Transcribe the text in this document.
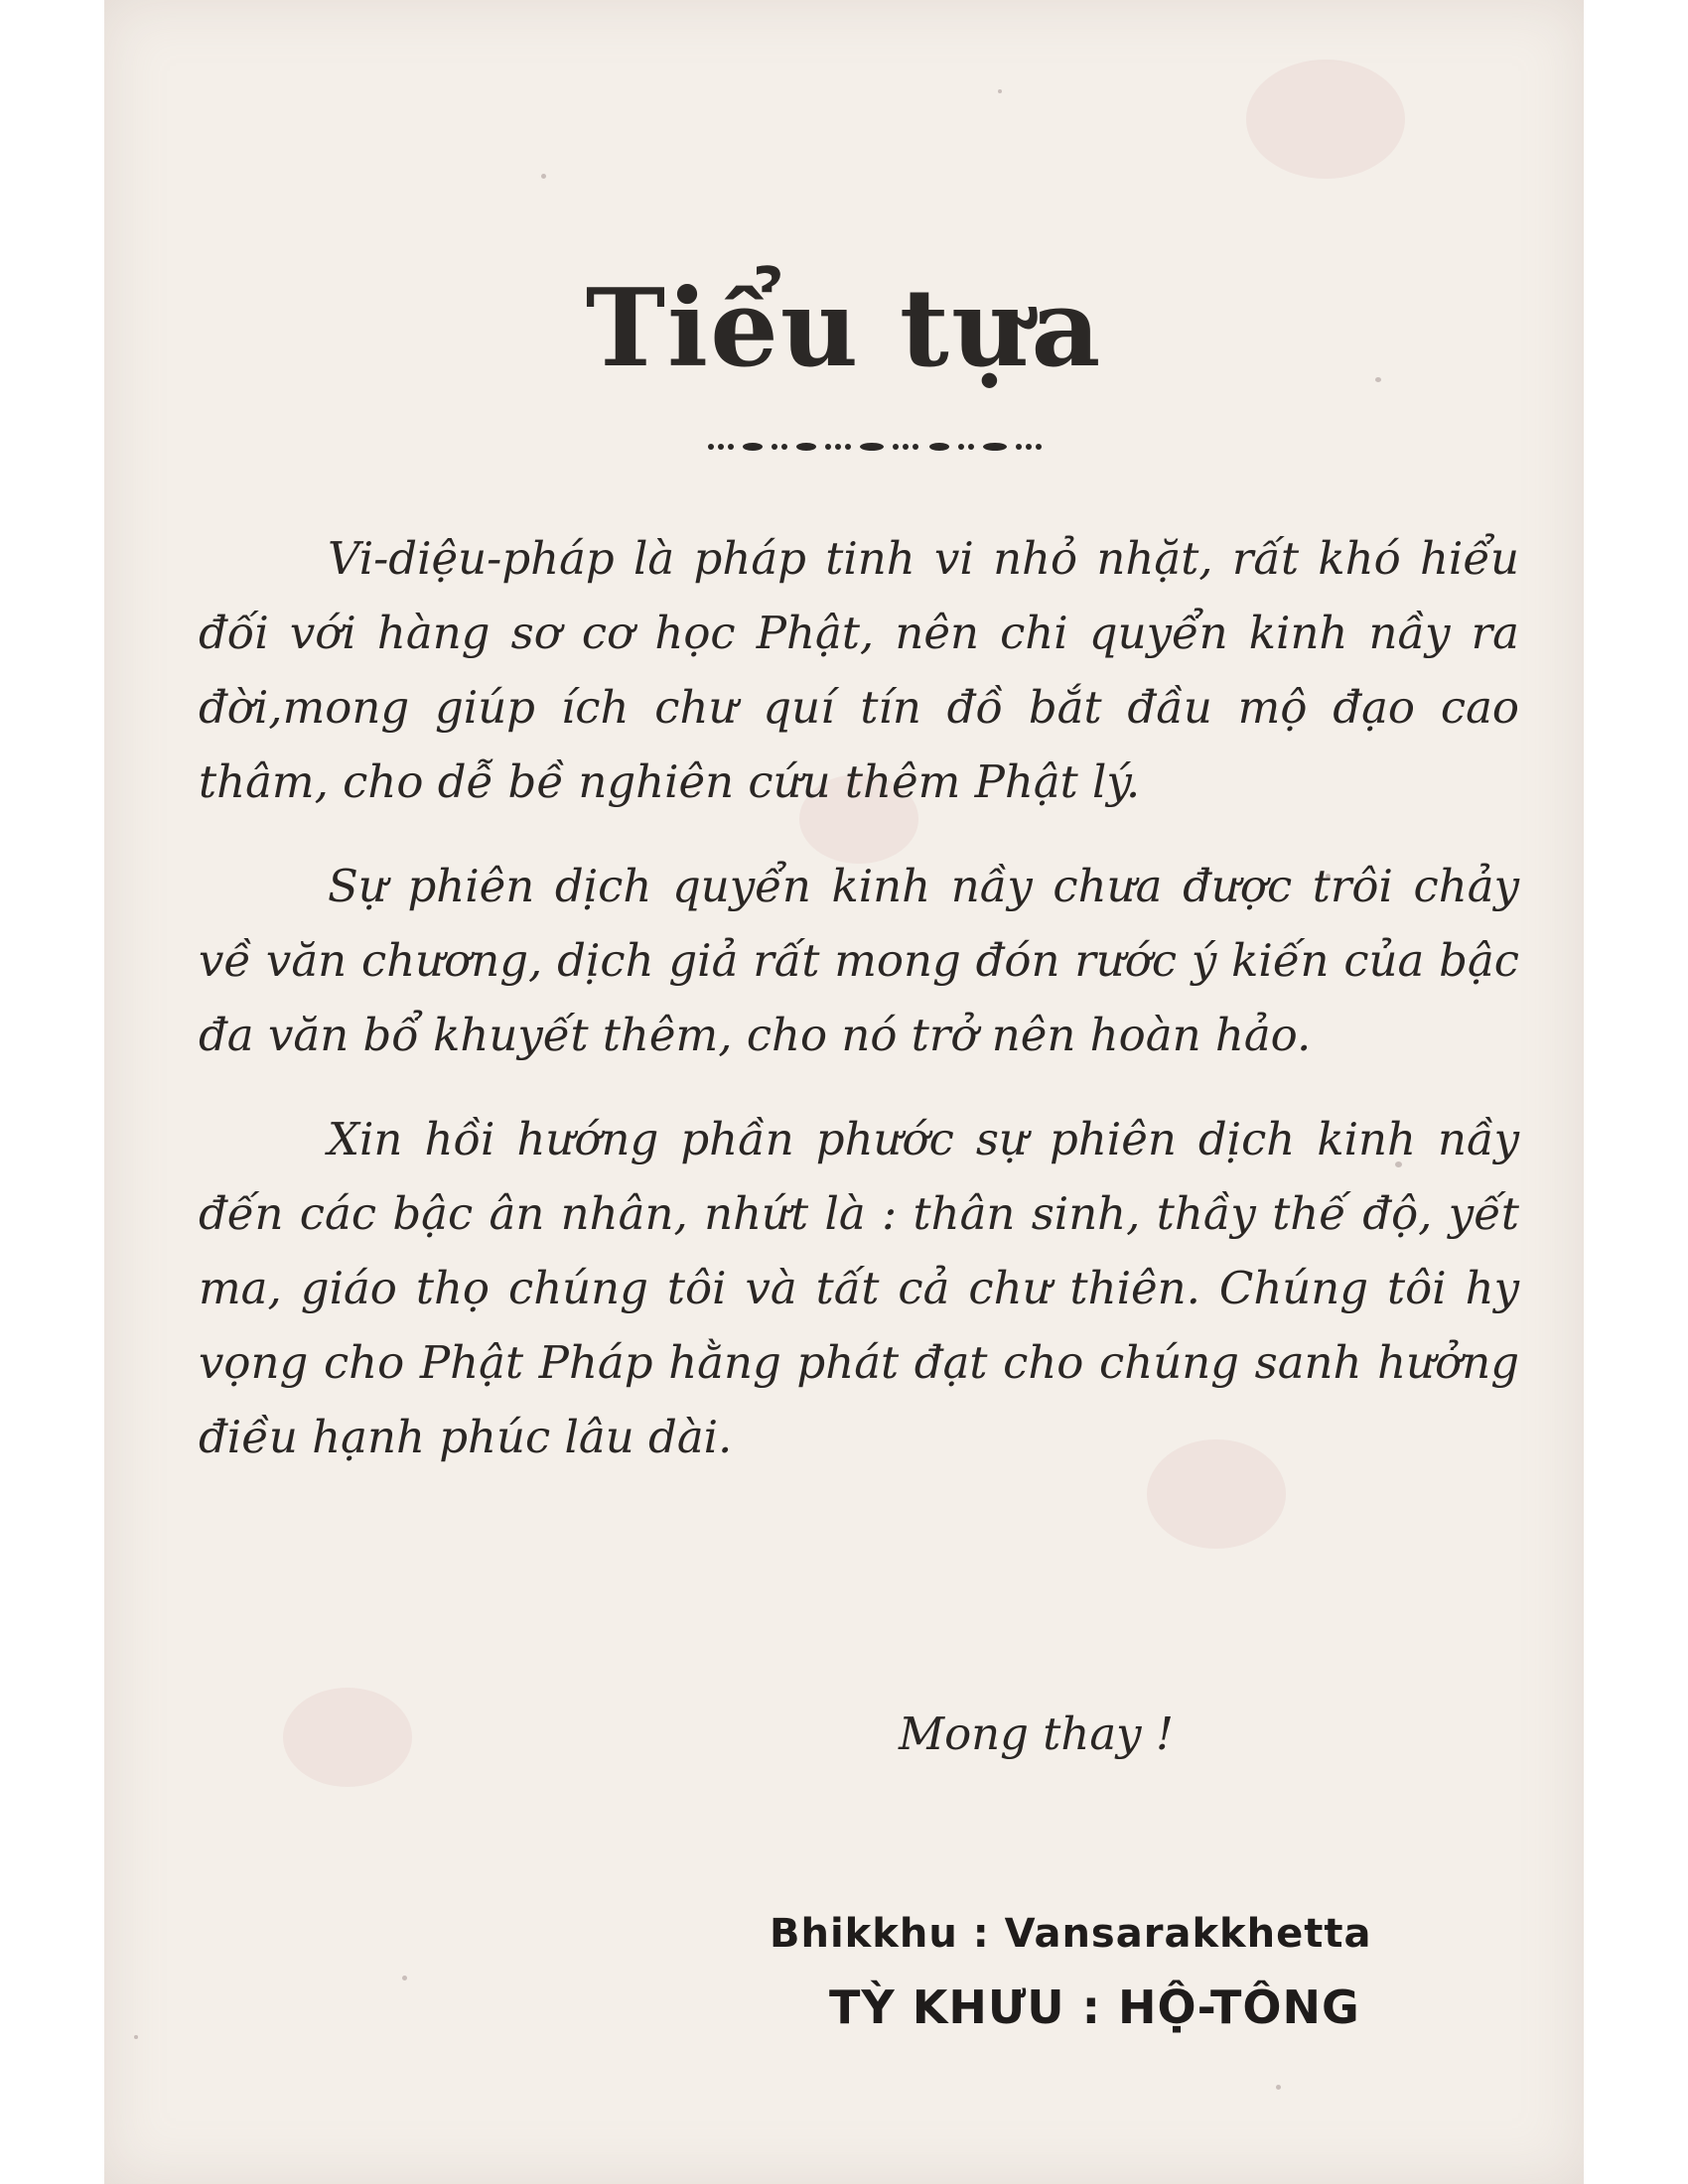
Tiểu tựa

Vi-diệu-pháp là pháp tinh vi nhỏ nhặt, rất khó hiểu đối với hàng sơ cơ học Phật, nên chi quyển kinh nầy ra đời,mong giúp ích chư quí tín đồ bắt đầu mộ đạo cao thâm, cho dễ bề nghiên cứu thêm Phật lý.

Sự phiên dịch quyển kinh nầy chưa được trôi chảy về văn chương, dịch giả rất mong đón rước ý kiến của bậc đa văn bổ khuyết thêm, cho nó trở nên hoàn hảo.

Xin hồi hướng phần phước sự phiên dịch kinh nầy đến các bậc ân nhân, nhứt là : thân sinh, thầy thế độ, yết ma, giáo thọ chúng tôi và tất cả chư thiên. Chúng tôi hy vọng cho Phật Pháp hằng phát đạt cho chúng sanh hưởng điều hạnh phúc lâu dài.

Mong thay !

Bhikkhu : Vansarakkhetta

TỲ KHƯU : HỘ-TÔNG
